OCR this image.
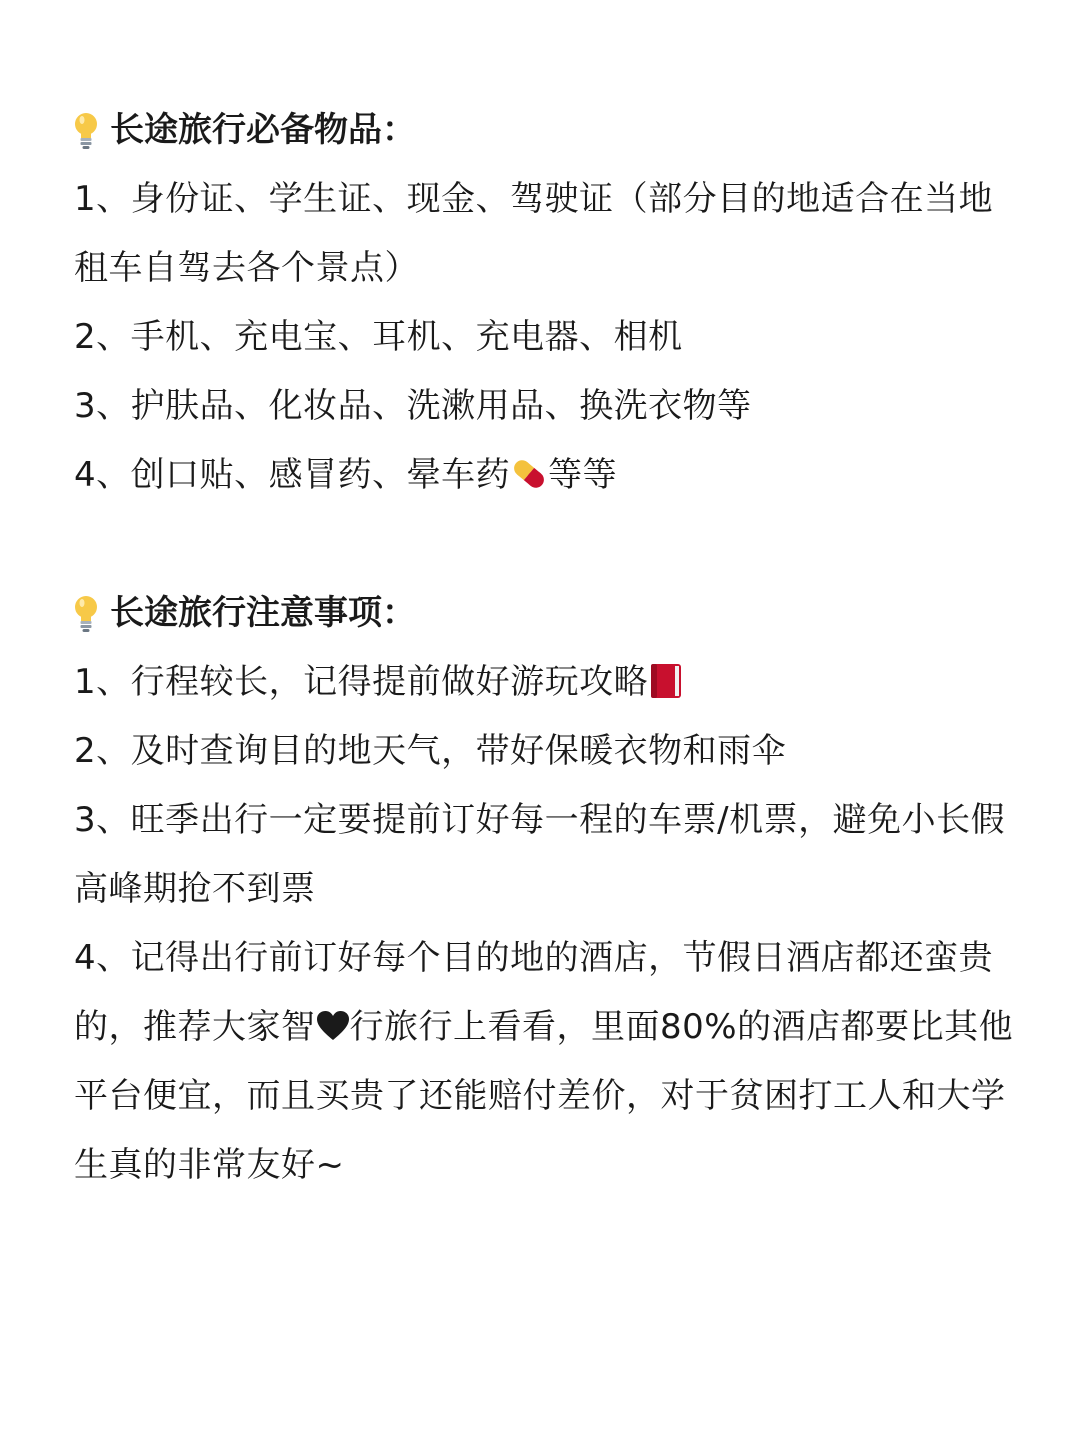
长途旅行必备物品：

1、身份证、学生证、现金、驾驶证（部分目的地适合在当地租车自驾去各个景点）

2、手机、充电宝、耳机、充电器、相机

3、护肤品、化妆品、洗漱用品、换洗衣物等

4、创口贴、感冒药、晕车药 等等

长途旅行注意事项：

1、行程较长，记得提前做好游玩攻略

2、及时查询目的地天气，带好保暖衣物和雨伞

3、旺季出行一定要提前订好每一程的车票/机票，避免小长假高峰期抢不到票

4、记得出行前订好每个目的地的酒店，节假日酒店都还蛮贵的，推荐大家智 行旅行上看看，里面80%的酒店都要比其他平台便宜，而且买贵了还能赔付差价，对于贫困打工人和大学生真的非常友好~
